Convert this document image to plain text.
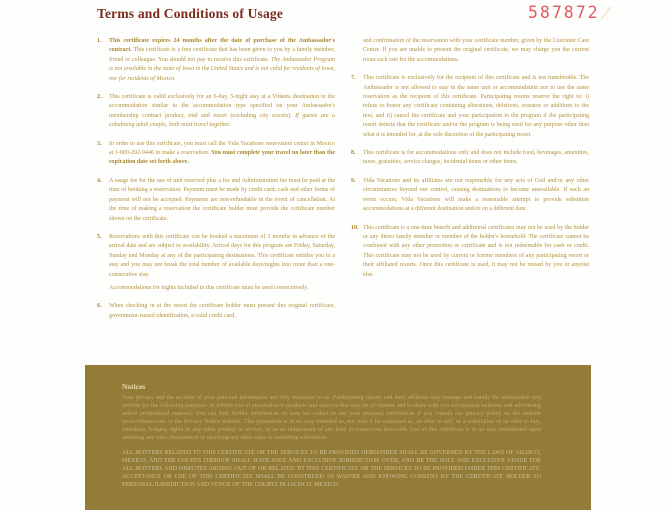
Terms and Conditions of Usage	587872
1.	This certificate expires 24 months after the date of purchase of the Ambassador's contract. This certificate is a free certificate that has been given to you by a family member, friend or colleague. You should not pay to receive this certificate. The Ambassador Program is not available in the state of Iowa in the United States and is not valid for residents of Iowa, nor for residents of Mexico.
2.	This certificate is valid exclusively for an 6-day, 5-night stay at a Vidanta destination in the accommodation similar to the accommodation type specified on your Ambassador's membership contract product, mid and resort (excluding city resorts). If guests are a cohabiting adult couple, both must travel together.
3.	In order to use this certificate, you must call the Vida Vacations reservation center in Mexico at 1-800-292-9446 to make a reservation. You must complete your travel no later than the expiration date set forth above.
4.	A usage fee for the use of unit reserved plus a fee and Administration fee must be paid at the time of booking a reservation. Payment must be made by credit card; cash and other forms of payment will not be accepted. Payments are non-refundable in the event of cancellation. At the time of making a reservation the certificate holder must provide the certificate number shown on the certificate.
5.	Reservations with this certificate can be booked a maximum of 3 months in advance of the arrival date and are subject to availability. Arrival days for this program are Friday, Saturday, Sunday and Monday at any of the participating destinations. This certificate entitles you to a stay and you may not break the total number of available days/nights into more than a one-consecutive stay.
Accommodations for nights included in this certificate must be used consecutively.
6.	When checking in at the resort the certificate holder must present this original certificate, government-issued identification, a valid credit card,
and confirmation of the reservation with your certificate number, given by the Customer Care Center. If you are unable to present the original certificate, we may charge you the current room rack rate for the accommodations.
7.	This certificate is exclusively for the recipient of this certificate and is not transferable. The Ambassador is not allowed to stay in the same unit or accommodation nor to use the same reservation as the recipient of this certificate. Participating resorts reserve the right to: i) refuse to honor any certificate containing alterations, deletions, erasures or additions to the text, and ii) cancel the certificate and your participation in the program if the participating resort detects that the certificate and/or the program is being used for any purpose other than what it is intended for, at the sole discretion of the participating resort.
8.	This certificate is for accommodations only and does not include food, beverages, amenities, taxes, gratuities, service charges, incidental items or other items.
9.	Vida Vacations and its affiliates are not responsible for any acts of God and/or any other circumstances beyond our control, causing destinations to become unavailable. If such an event occurs, Vida Vacations will make a reasonable attempt to provide substitute accommodations at a different destination and/or on a different date.
10. This certificate is a one-time benefit and additional certificates may not be used by the holder or any direct family member or member of the holder's household. The certificate cannot be combined with any other promotion or certificate and is not redeemable for cash or credit. This certificate may not be used by current or former members of any participating resort or their affiliated resorts. Once this certificate is used, it may not be reused by you or anyone else.
Notices

Your privacy and the security of your personal information are very important to us. Participating resorts and their affiliates may manage and handle the information you provide for the following purposes: to inform you of personal/new products and services that may be of interest and to share with you information bulletins and advertising and/or promotional material. You can find further information on how we collect or use your personal information if you consult our privacy policy on the website www.vidanta.com or the Privacy Notice website. This promotion is in no way intended as, nor may it be construed as, an offer to sell, or a solicitation of an offer to buy, timeshare, lodging rights or any other product or service, or as an inducement of any kind in connection therewith. Use of this certificate is in no way conditioned upon attending any sales presentation or receiving any other sales or marketing solicitation.

ALL MATTERS RELATED TO THIS CERTIFICATE OR THE SERVICES TO BE PROVIDED HEREUNDER SHALL BE GOVERNED BY THE LAWS OF JALISCO, MEXICO, AND THE COURTS THEREOF SHALL HAVE SOLE AND EXCLUSIVE JURISDICTION OVER, AND BE THE SOLE AND EXCLUSIVE VENUE FOR ALL MATTERS AND DISPUTES ARISING OUT OF OR RELATED TO THIS CERTIFICATE OR THE SERVICES TO BE PROVIDED UNDER THIS CERTIFICATE. ACCEPTANCE OR USE OF THIS CERTIFICATE SHALL BE CONSTRUED AS WAIVER AND KNOWING CONSENT BY THE CERTIFICATE HOLDER TO PERSONAL JURISDICTION AND VENUE OF THE COURTS IN JALISCO, MEXICO.
